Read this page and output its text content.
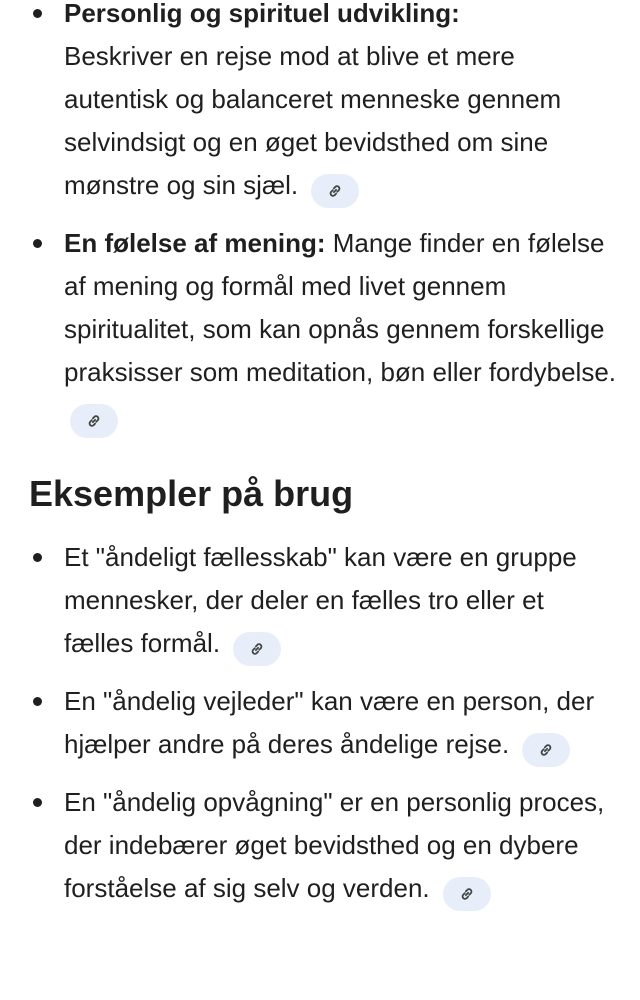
Personlig og spirituel udvikling:
Beskriver en rejse mod at blive et mere autentisk og balanceret menneske gennem selvindsigt og en øget bevidsthed om sine mønstre og sin sjæl.
En følelse af mening: Mange finder en følelse af mening og formål med livet gennem spiritualitet, som kan opnås gennem forskellige praksisser som meditation, bøn eller fordybelse.
Eksempler på brug
Et "åndeligt fællesskab" kan være en gruppe mennesker, der deler en fælles tro eller et fælles formål.
En "åndelig vejleder" kan være en person, der hjælper andre på deres åndelige rejse.
En "åndelig opvågning" er en personlig proces, der indebærer øget bevidsthed og en dybere forståelse af sig selv og verden.
